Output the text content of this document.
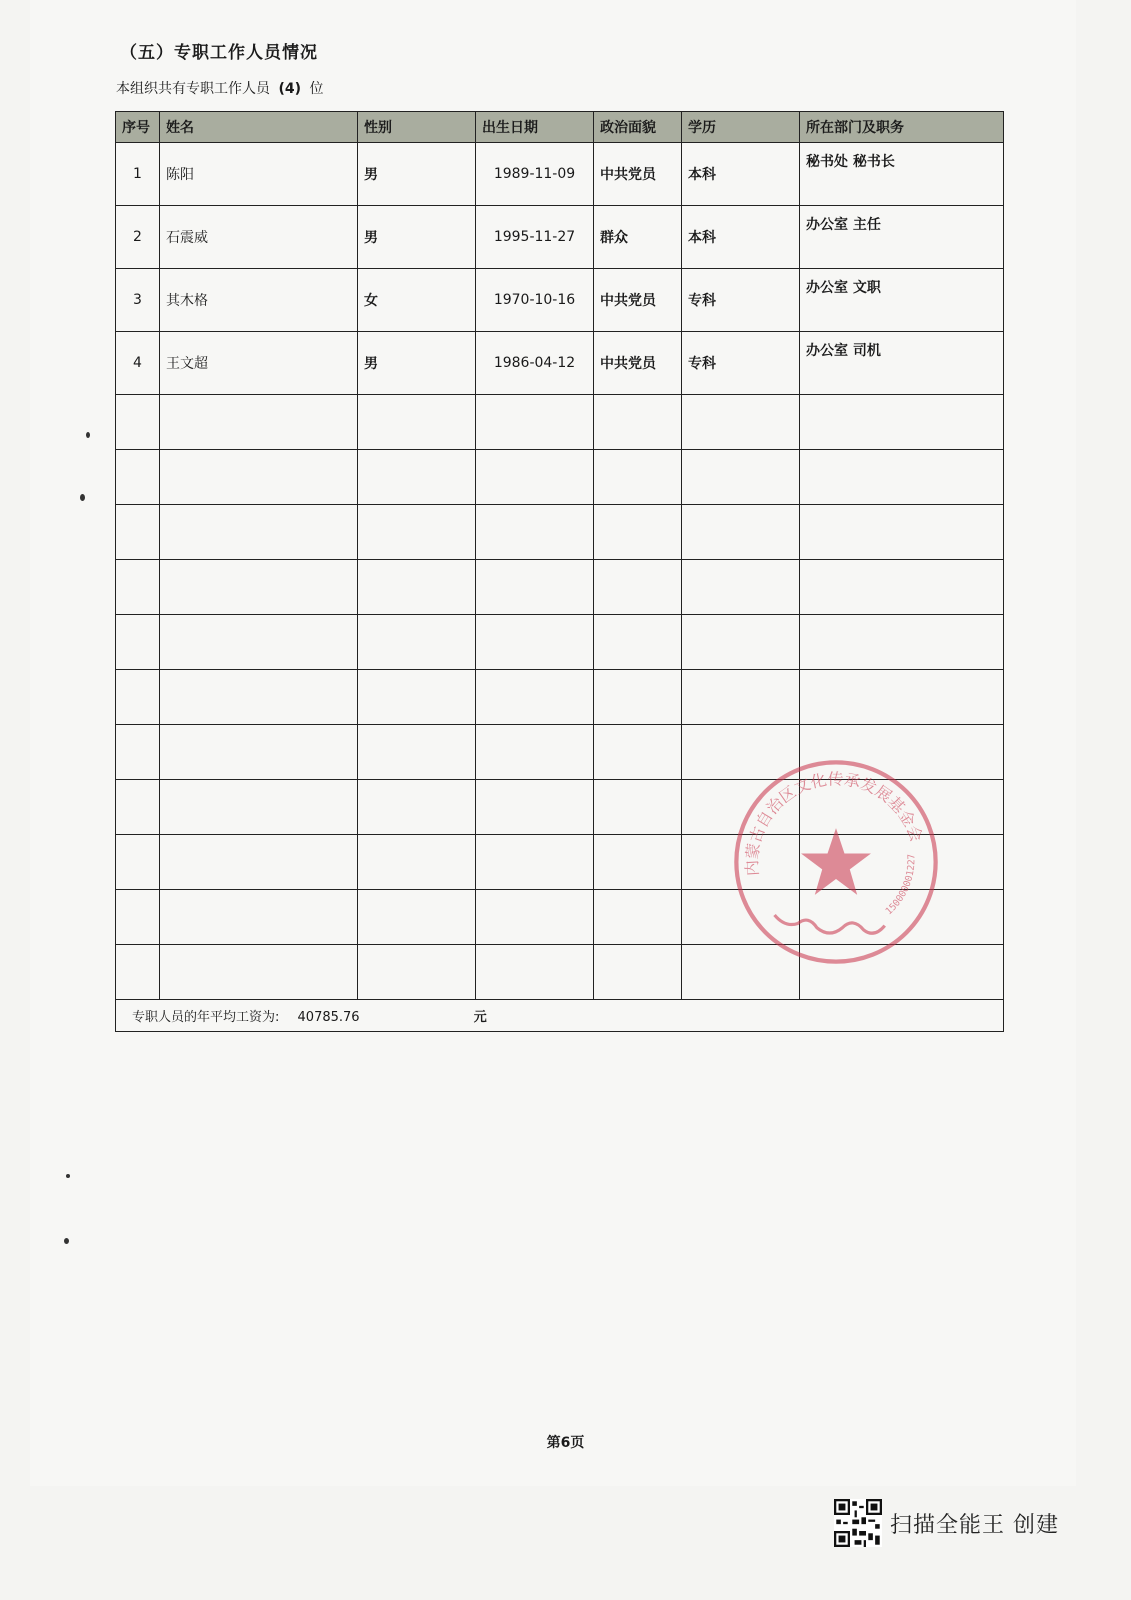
（五）专职工作人员情况
本组织共有专职工作人员 (4) 位
序号	姓名	性别	出生日期	政治面貌	学历	所在部门及职务
1	陈阳	男	1989-11-09	中共党员	本科	秘书处 秘书长
2	石震威	男	1995-11-27	群众	本科	办公室 主任
3	其木格	女	1970-10-16	中共党员	专科	办公室 文职
4	王文超	男	1986-04-12	中共党员	专科	办公室 司机

专职人员的年平均工资为: 40785.76 元						
内蒙古自治区文化传承发展基金会
150000001227
第6页
扫描全能王 创建
